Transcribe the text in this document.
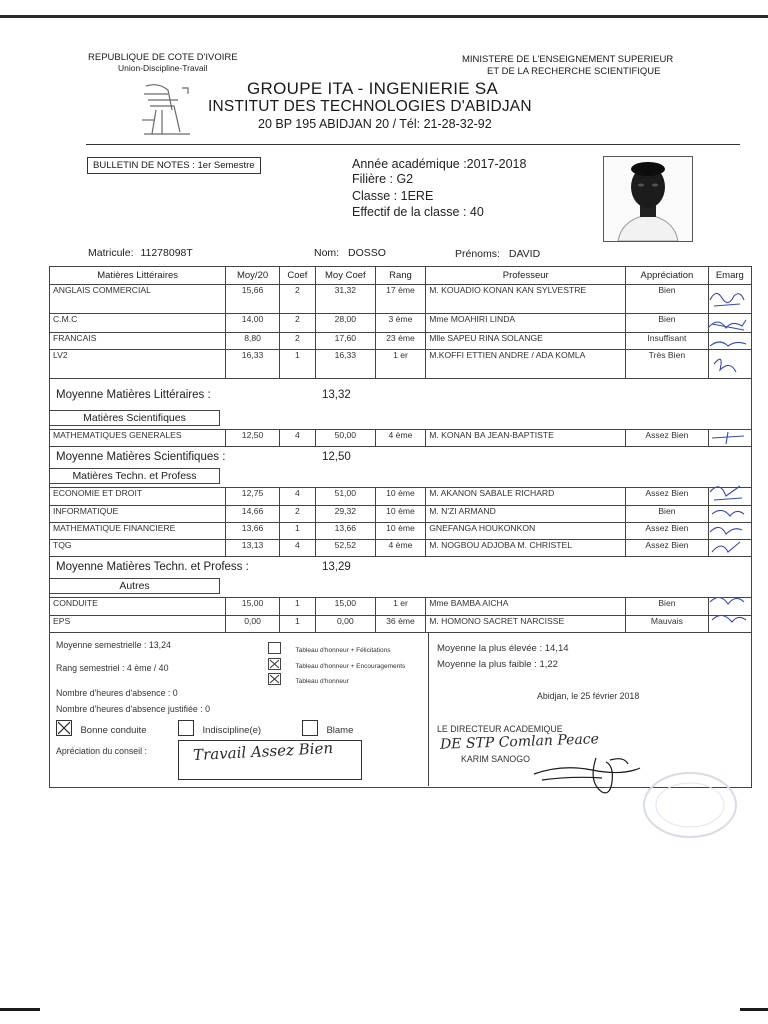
REPUBLIQUE DE COTE D'IVOIRE
Union-Discipline-Travail
MINISTERE DE L'ENSEIGNEMENT SUPERIEUR
ET DE LA RECHERCHE SCIENTIFIQUE
GROUPE ITA - INGENIERIE SA
INSTITUT DES TECHNOLOGIES D'ABIDJAN
20 BP 195 ABIDJAN 20 / Tél: 21-28-32-92
BULLETIN DE NOTES : 1er Semestre	Année académique :2017-2018
Filière : G2
Classe : 1ERE
Effectif de la classe : 40
Matricule: 11278098T	Nom: DOSSO	Prénoms: DAVID
Matières Littéraires	Moy/20	Coef	Moy Coef	Rang	Professeur	Appréciation	Emarg
ANGLAIS COMMERCIAL	15,66	2	31,32	17 ème	M. KOUADIO KONAN KAN SYLVESTRE	Bien	
C.M.C	14,00	2	28,00	3 ème	Mme MOAHIRI LINDA	Bien	
FRANCAIS	8,80	2	17,60	23 ème	Mlle SAPEU RINA SOLANGE	Insuffisant	
LV2	16,33	1	16,33	1 er	M.KOFFI ETTIEN ANDRE / ADA KOMLA	Très Bien	
Moyenne Matières Littéraires :	13,32
Matières Scientifiques
MATHEMATIQUES GENERALES	12,50	4	50,00	4 ème	M. KONAN BA JEAN-BAPTISTE	Assez Bien	
Moyenne Matières Scientifiques :	12,50
Matières Techn. et Profess
ECONOMIE ET DROIT	12,75	4	51,00	10 ème	M. AKANON SABALE RICHARD	Assez Bien	
INFORMATIQUE	14,66	2	29,32	10 ème	M. N'ZI ARMAND	Bien	
MATHEMATIQUE FINANCIERE	13,66	1	13,66	10 ème	GNEFANGA HOUKONKON	Assez Bien	
TQG	13,13	4	52,52	4 ème	M. NOGBOU ADJOBA M. CHRISTEL	Assez Bien	
Moyenne Matières Techn. et Profess :	13,29
Autres
CONDUITE	15,00	1	15,00	1 er	Mme BAMBA AICHA	Bien	
EPS	0,00	1	0,00	36 ème	M. HOMONO SACRET NARCISSE	Mauvais	
Moyenne semestrielle : 13,24
Rang semestriel : 4 ème / 40
Tableau d'honneur + Félicitations
Tableau d'honneur + Encouragements
Tableau d'honneur
Nombre d'heures d'absence : 0
Nombre d'heures d'absence justifiée : 0
Bonne conduite	Indiscipline(e)	Blame
Apréciation du conseil :	Travail Assez Bien
Moyenne la plus élevée : 14,14
Moyenne la plus faible : 1,22
Abidjan, le 25 février 2018
LE DIRECTEUR ACADEMIQUE
DE STP Comlan Peace
KARIM SANOGO
